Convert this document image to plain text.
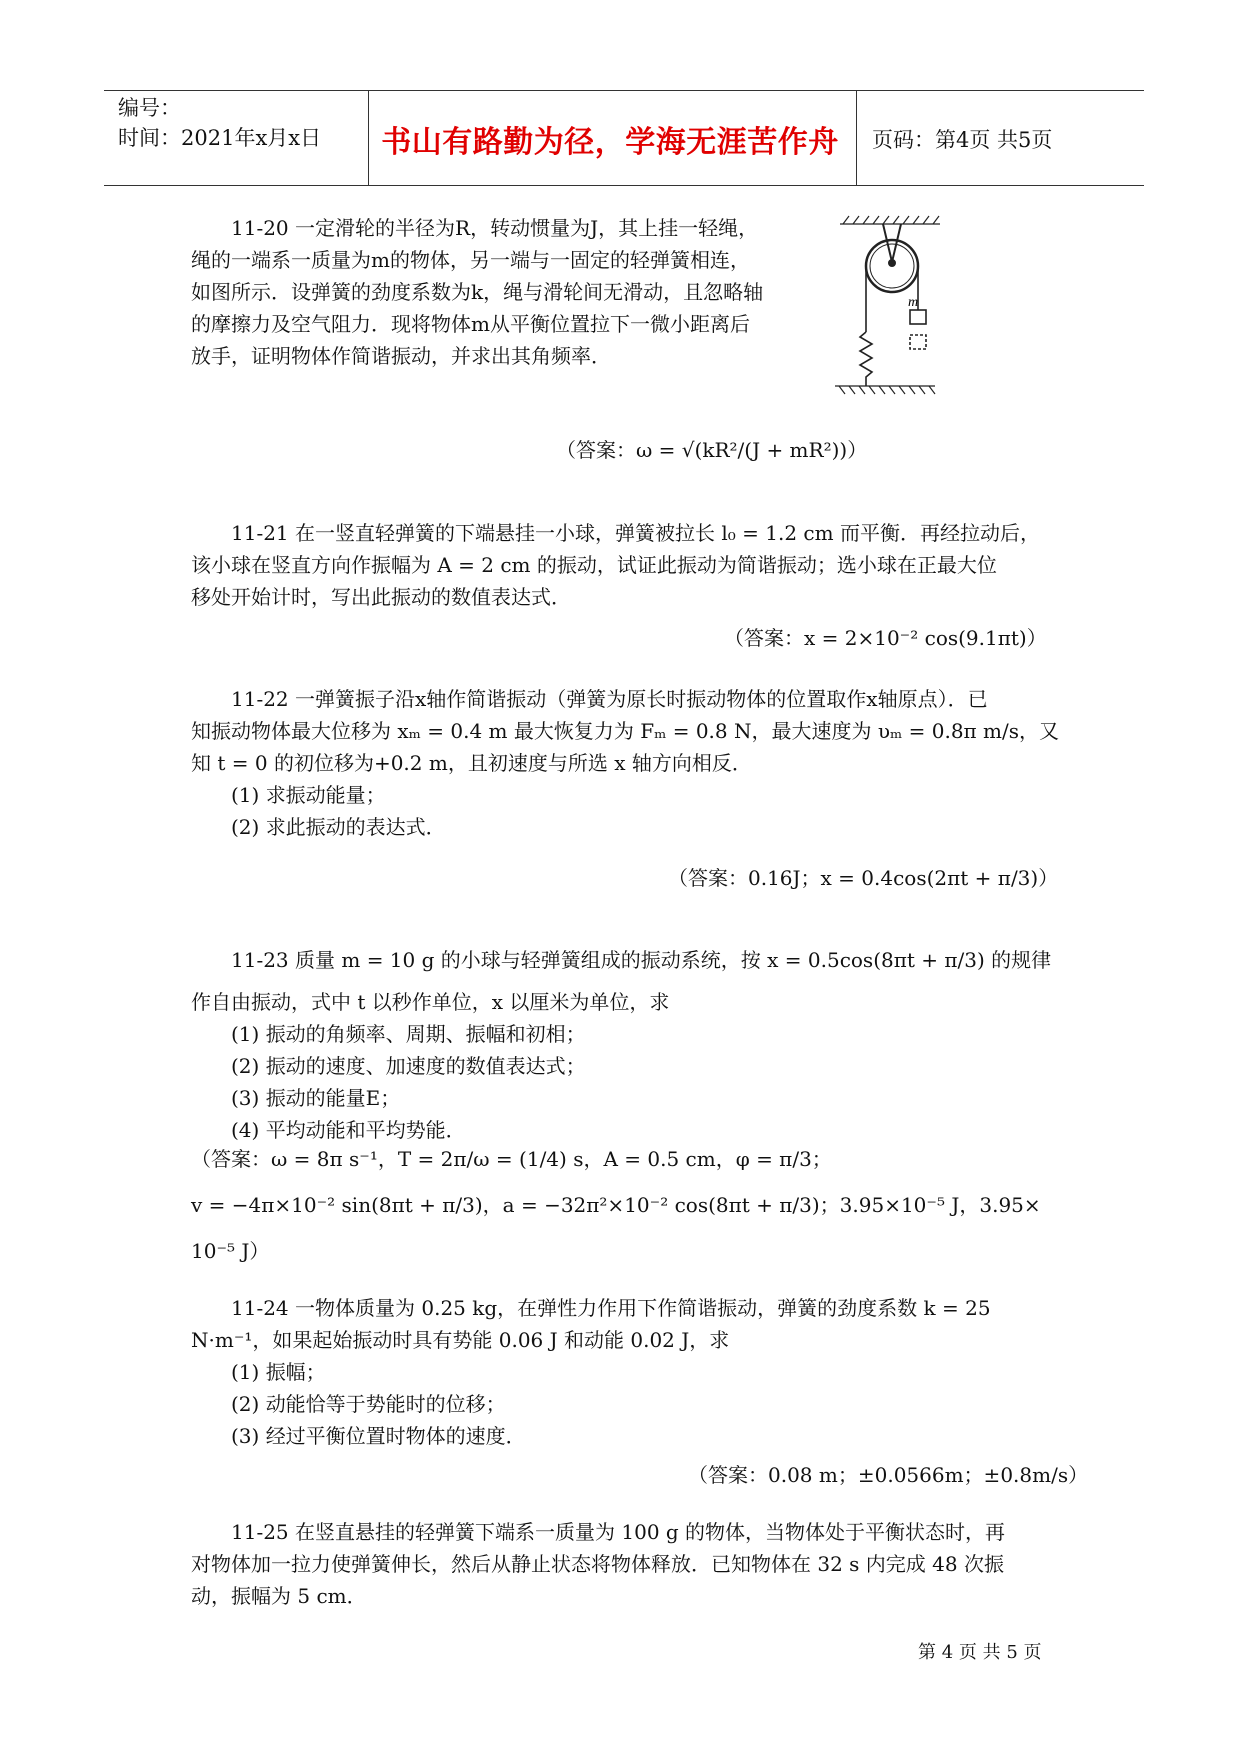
编号：
时间：2021年x月x日	书山有路勤为径，学海无涯苦作舟	页码：第4页 共5页
11-20 一定滑轮的半径为R，转动惯量为J，其上挂一轻绳，
绳的一端系一质量为m的物体，另一端与一固定的轻弹簧相连，
如图所示．设弹簧的劲度系数为k，绳与滑轮间无滑动，且忽略轴
的摩擦力及空气阻力．现将物体m从平衡位置拉下一微小距离后
放手，证明物体作简谐振动，并求出其角频率．
（答案：ω = √(kR²/(J + mR²))）
m
11-21 在一竖直轻弹簧的下端悬挂一小球，弹簧被拉长 l₀ = 1.2 cm 而平衡．再经拉动后，
该小球在竖直方向作振幅为 A = 2 cm 的振动，试证此振动为简谐振动；选小球在正最大位
移处开始计时，写出此振动的数值表达式．
（答案：x = 2×10⁻² cos(9.1πt)）
11-22 一弹簧振子沿x轴作简谐振动（弹簧为原长时振动物体的位置取作x轴原点）．已
知振动物体最大位移为 xₘ = 0.4 m 最大恢复力为 Fₘ = 0.8 N，最大速度为 υₘ = 0.8π m/s，又
知 t = 0 的初位移为+0.2 m，且初速度与所选 x 轴方向相反．
(1) 求振动能量；
(2) 求此振动的表达式．
（答案：0.16J；x = 0.4cos(2πt + π/3)）
11-23 质量 m = 10 g 的小球与轻弹簧组成的振动系统，按 x = 0.5cos(8πt + π/3) 的规律
作自由振动，式中 t 以秒作单位，x 以厘米为单位，求
(1) 振动的角频率、周期、振幅和初相；
(2) 振动的速度、加速度的数值表达式；
(3) 振动的能量E；
(4) 平均动能和平均势能．
（答案：ω = 8π s⁻¹，T = 2π/ω = (1/4) s，A = 0.5 cm，φ = π/3；
v = −4π×10⁻² sin(8πt + π/3)，a = −32π²×10⁻² cos(8πt + π/3)；3.95×10⁻⁵ J，3.95×
10⁻⁵ J）
11-24 一物体质量为 0.25 kg，在弹性力作用下作简谐振动，弹簧的劲度系数 k = 25
N·m⁻¹，如果起始振动时具有势能 0.06 J 和动能 0.02 J，求
(1) 振幅；
(2) 动能恰等于势能时的位移；
(3) 经过平衡位置时物体的速度．
（答案：0.08 m；±0.0566m；±0.8m/s）
11-25 在竖直悬挂的轻弹簧下端系一质量为 100 g 的物体，当物体处于平衡状态时，再
对物体加一拉力使弹簧伸长，然后从静止状态将物体释放．已知物体在 32 s 内完成 48 次振
动，振幅为 5 cm．
第 4 页 共 5 页
